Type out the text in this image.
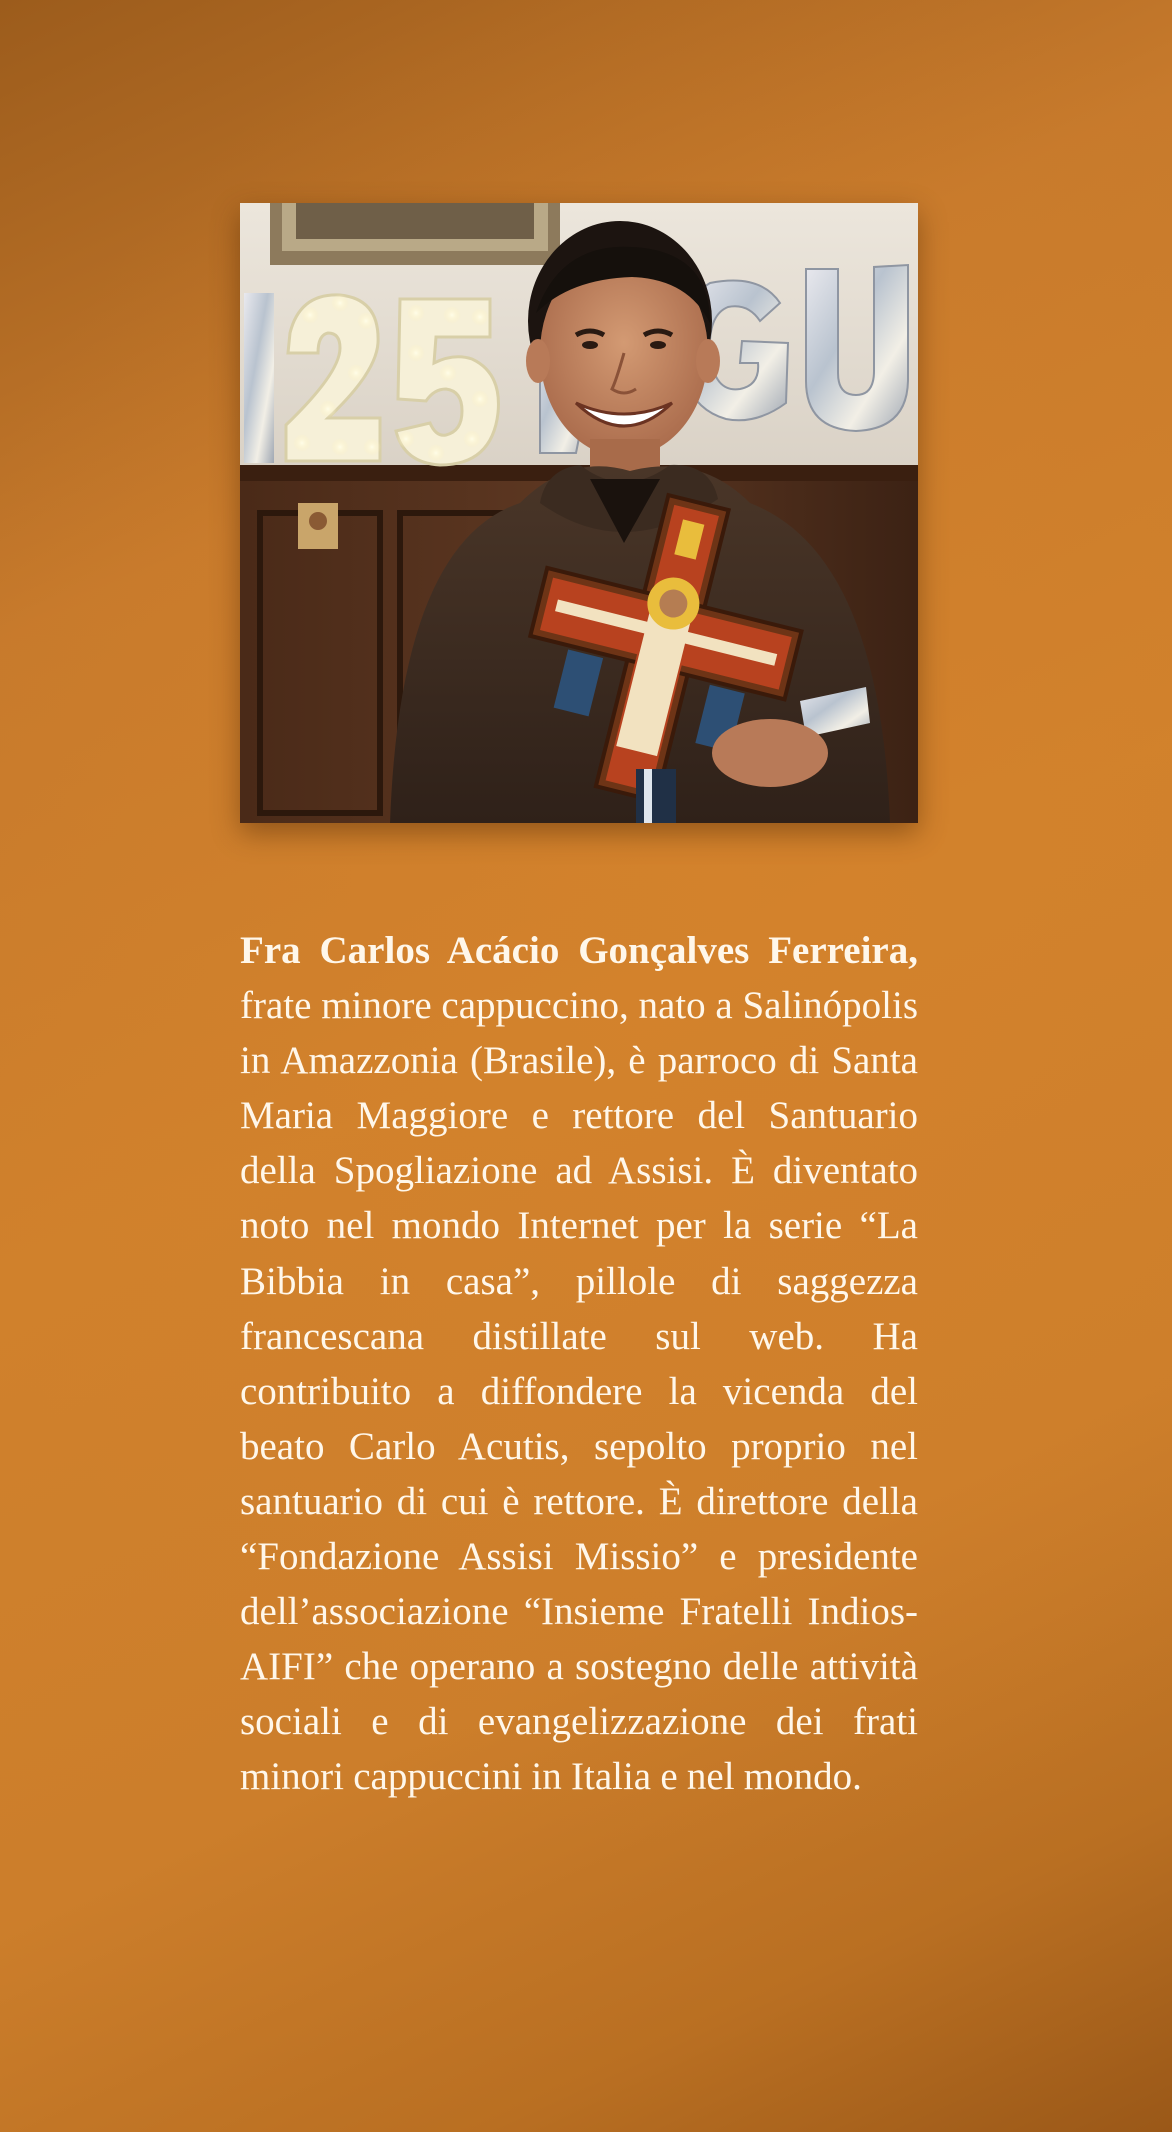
Fra Carlos Acácio Gonçalves Ferreira, frate minore cappuccino, nato a Salinópolis in Amazzonia (Brasile), è parroco di Santa Maria Maggiore e rettore del Santuario della Spogliazione ad Assisi. È diventato noto nel mondo Internet per la serie “La Bibbia in casa”, pillole di saggezza francescana distillate sul web. Ha contribuito a diffondere la vicenda del beato Carlo Acutis, sepolto proprio nel santuario di cui è rettore. È direttore della “Fondazione Assisi Missio” e presidente dell’associazione “Insieme Fratelli Indios-AIFI” che operano a sostegno delle attività sociali e di evangelizzazione dei frati minori cappuccini in Italia e nel mondo.
